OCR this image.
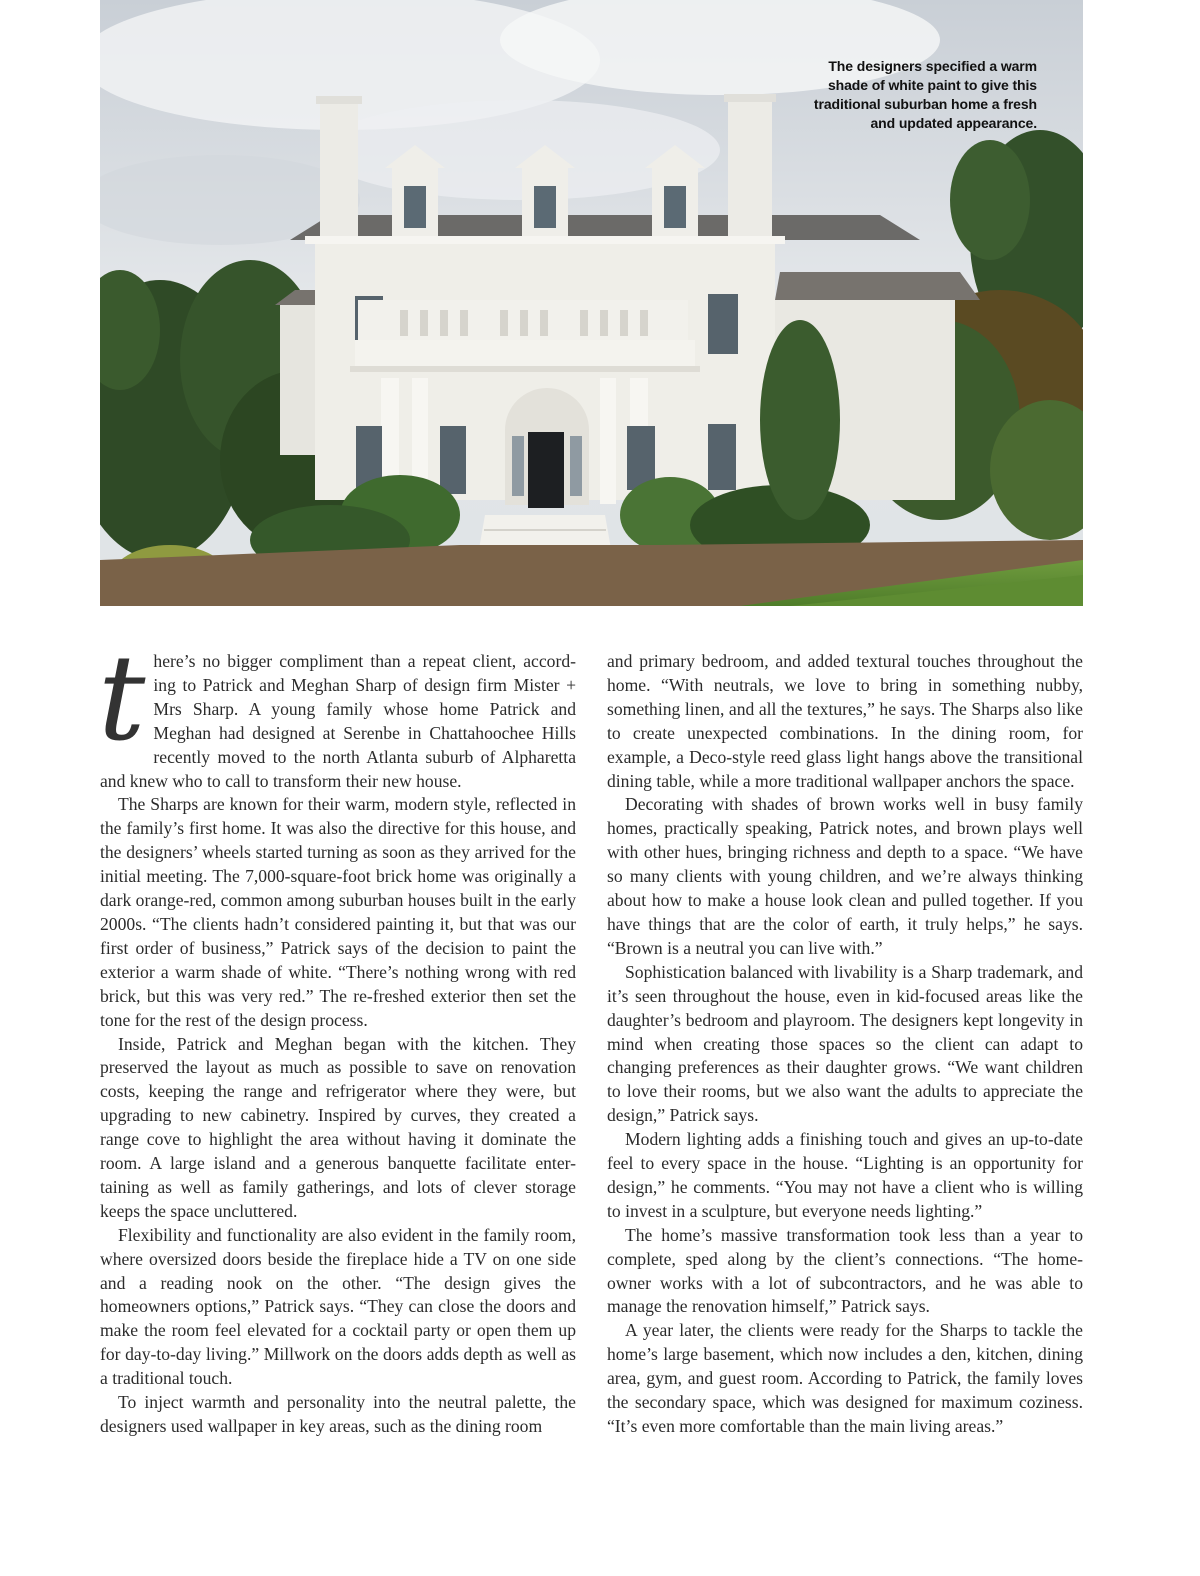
The designers specified a warm shade of white paint to give this traditional suburban home a fresh and updated appearance.
t here’s no bigger compliment than a repeat client, accord-ing to Patrick and Meghan Sharp of design firm Mister + Mrs Sharp. A young family whose home Patrick and Meghan had designed at Serenbe in Chattahoochee Hills recently moved to the north Atlanta suburb of Alpharetta and knew who to call to transform their new house.

The Sharps are known for their warm, modern style, reflected in the family’s first home. It was also the directive for this house, and the designers’ wheels started turning as soon as they arrived for the initial meeting. The 7,000-square-foot brick home was originally a dark orange-red, common among suburban houses built in the early 2000s. “The clients hadn’t considered painting it, but that was our first order of business,” Patrick says of the decision to paint the exterior a warm shade of white. “There’s nothing wrong with red brick, but this was very red.” The re-freshed exterior then set the tone for the rest of the design process.

Inside, Patrick and Meghan began with the kitchen. They preserved the layout as much as possible to save on renovation costs, keeping the range and refrigerator where they were, but upgrading to new cabinetry. Inspired by curves, they created a range cove to highlight the area without having it dominate the room. A large island and a generous banquette facilitate enter-taining as well as family gatherings, and lots of clever storage keeps the space uncluttered.

Flexibility and functionality are also evident in the family room, where oversized doors beside the fireplace hide a TV on one side and a reading nook on the other. “The design gives the homeowners options,” Patrick says. “They can close the doors and make the room feel elevated for a cocktail party or open them up for day-to-day living.” Millwork on the doors adds depth as well as a traditional touch.

To inject warmth and personality into the neutral palette, the designers used wallpaper in key areas, such as the dining room

and primary bedroom, and added textural touches throughout the home. “With neutrals, we love to bring in something nubby, something linen, and all the textures,” he says. The Sharps also like to create unexpected combinations. In the dining room, for example, a Deco-style reed glass light hangs above the transitional dining table, while a more traditional wallpaper anchors the space.

Decorating with shades of brown works well in busy family homes, practically speaking, Patrick notes, and brown plays well with other hues, bringing richness and depth to a space. “We have so many clients with young children, and we’re always thinking about how to make a house look clean and pulled together. If you have things that are the color of earth, it truly helps,” he says. “Brown is a neutral you can live with.”

Sophistication balanced with livability is a Sharp trademark, and it’s seen throughout the house, even in kid-focused areas like the daughter’s bedroom and playroom. The designers kept longevity in mind when creating those spaces so the client can adapt to changing preferences as their daughter grows. “We want children to love their rooms, but we also want the adults to appreciate the design,” Patrick says.

Modern lighting adds a finishing touch and gives an up-to-date feel to every space in the house. “Lighting is an opportunity for design,” he comments. “You may not have a client who is willing to invest in a sculpture, but everyone needs lighting.”

The home’s massive transformation took less than a year to complete, sped along by the client’s connections. “The home-owner works with a lot of subcontractors, and he was able to manage the renovation himself,” Patrick says.

A year later, the clients were ready for the Sharps to tackle the home’s large basement, which now includes a den, kitchen, dining area, gym, and guest room. According to Patrick, the family loves the secondary space, which was designed for maximum coziness. “It’s even more comfortable than the main living areas.”
